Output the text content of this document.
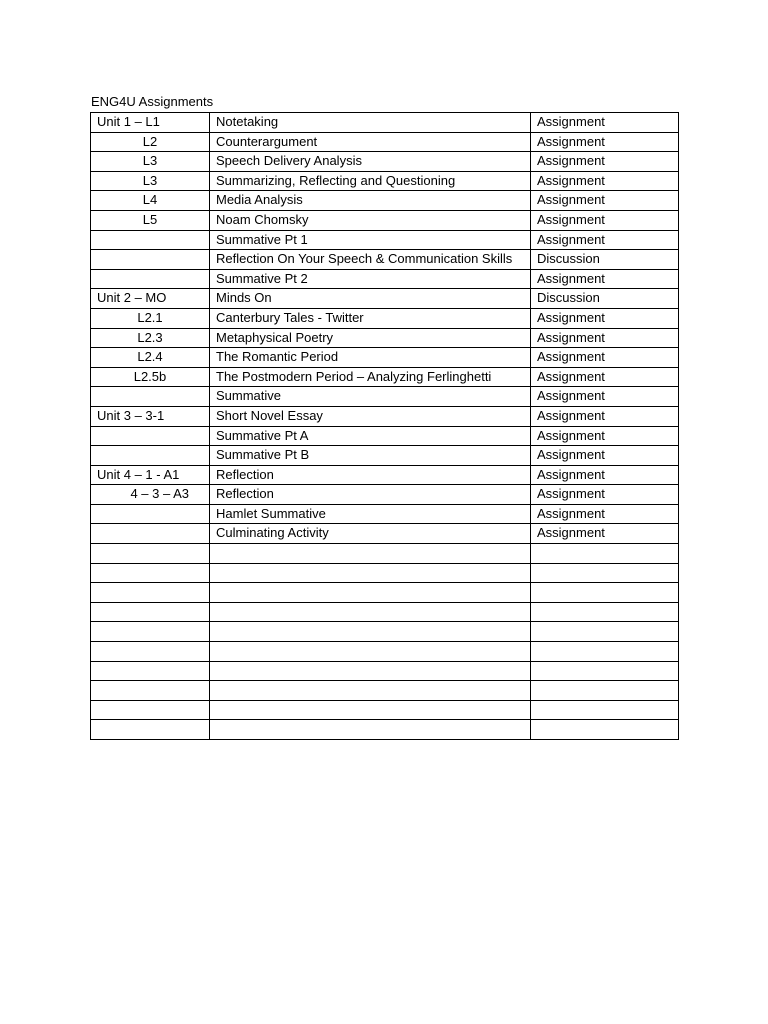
ENG4U Assignments
Unit 1 – L1	Notetaking	Assignment
L2	Counterargument	Assignment
L3	Speech Delivery Analysis	Assignment
L3	Summarizing, Reflecting and Questioning	Assignment
L4	Media Analysis	Assignment
L5	Noam Chomsky	Assignment
	Summative Pt 1	Assignment
	Reflection On Your Speech & Communication Skills	Discussion
	Summative Pt 2	Assignment
Unit 2 – MO	Minds On	Discussion
L2.1	Canterbury Tales - Twitter	Assignment
L2.3	Metaphysical Poetry	Assignment
L2.4	The Romantic Period	Assignment
L2.5b	The Postmodern Period – Analyzing Ferlinghetti	Assignment
	Summative	Assignment
Unit 3 – 3-1	Short Novel Essay	Assignment
	Summative Pt A	Assignment
	Summative Pt B	Assignment
Unit 4 – 1 - A1	Reflection	Assignment
4 – 3 – A3	Reflection	Assignment
	Hamlet Summative	Assignment
	Culminating Activity	Assignment
